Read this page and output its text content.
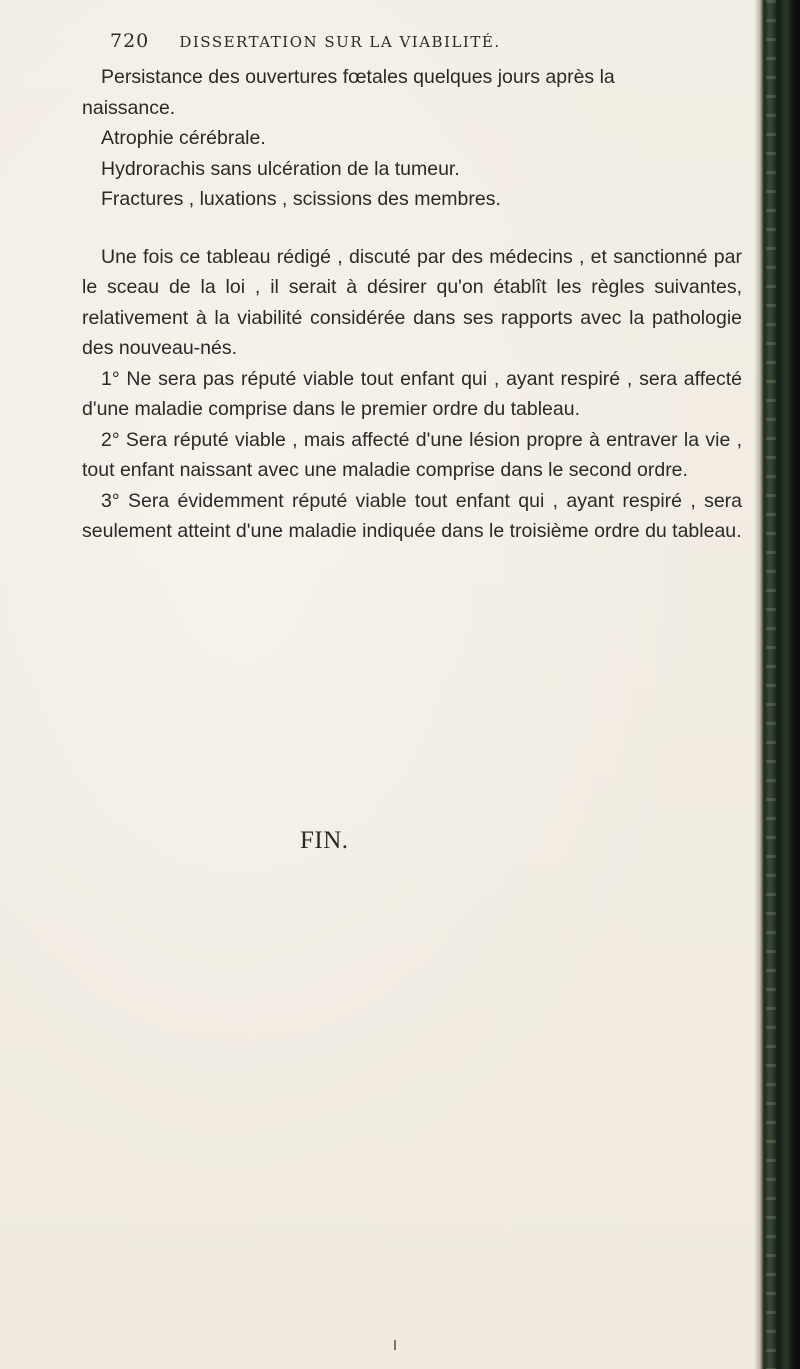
720 DISSERTATION SUR LA VIABILITÉ.

Persistance des ouvertures fœtales quelques jours après la

naissance.

Atrophie cérébrale.

Hydrorachis sans ulcération de la tumeur.

Fractures , luxations , scissions des membres.

Une fois ce tableau rédigé , discuté par des médecins , et sanctionné par le sceau de la loi , il serait à désirer qu'on établît les règles suivantes, relativement à la viabilité considérée dans ses rapports avec la pathologie des nouveau-nés.

1° Ne sera pas réputé viable tout enfant qui , ayant respiré , sera affecté d'une maladie comprise dans le premier ordre du tableau.

2° Sera réputé viable , mais affecté d'une lésion propre à entraver la vie , tout enfant naissant avec une maladie comprise dans le second ordre.

3° Sera évidemment réputé viable tout enfant qui , ayant respiré , sera seulement atteint d'une maladie indiquée dans le troisième ordre du tableau.

FIN.
